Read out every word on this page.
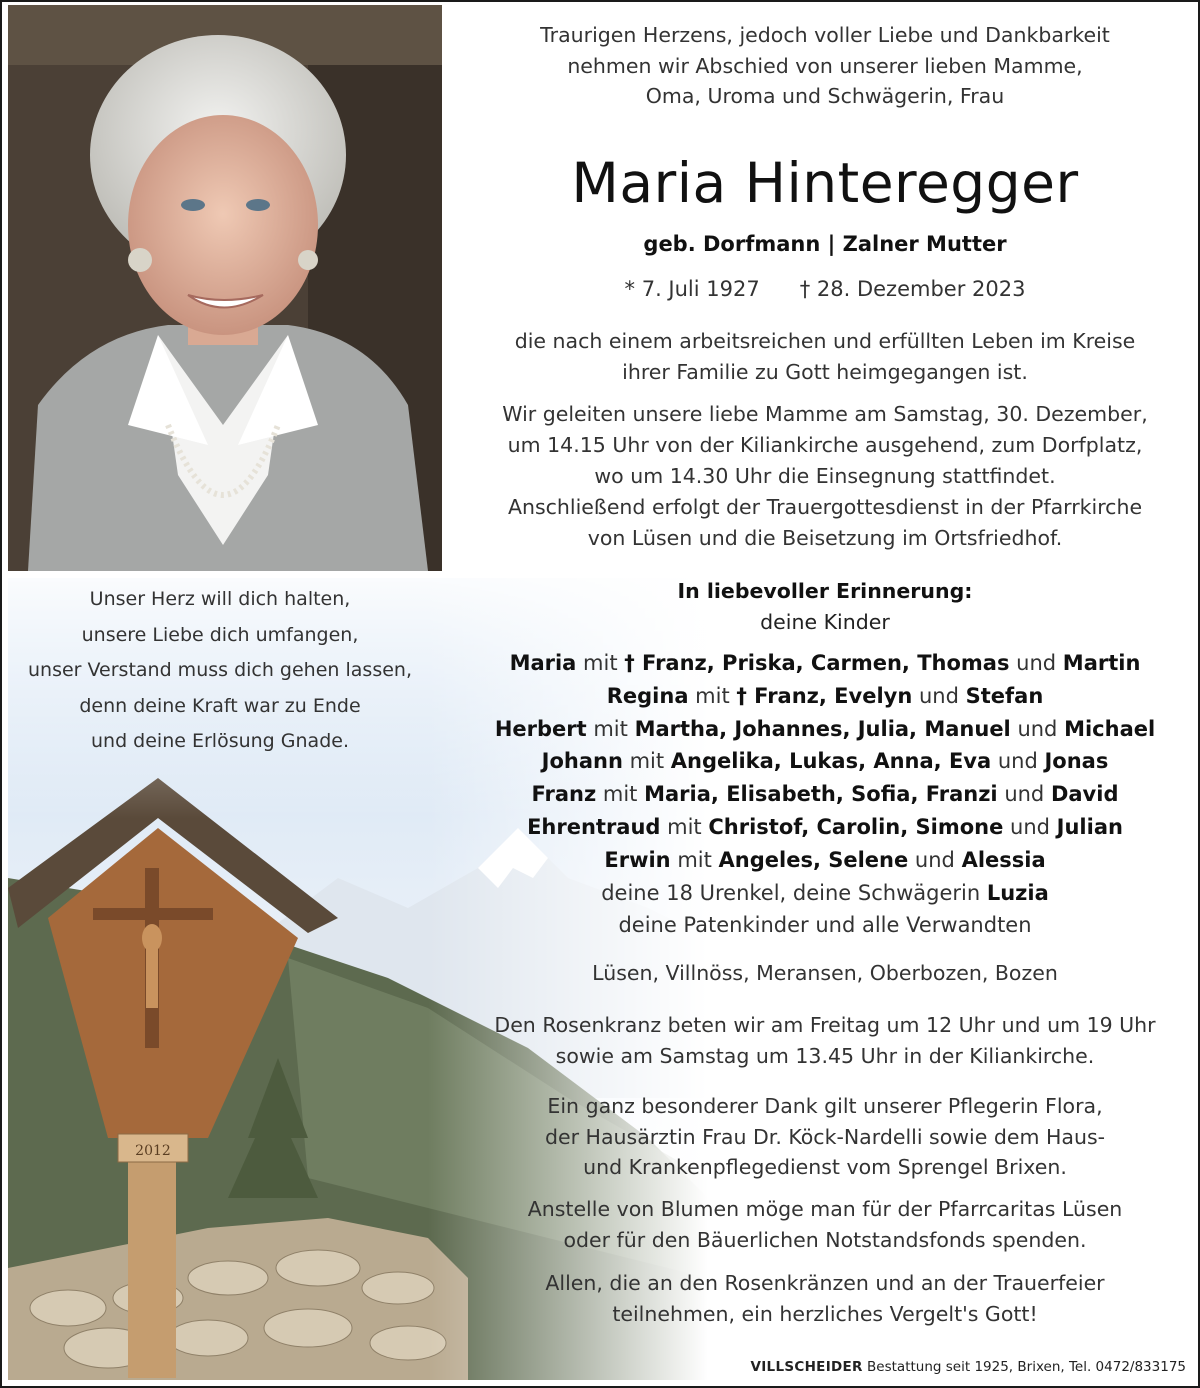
Unser Herz will dich halten,
unsere Liebe dich umfangen,
unser Verstand muss dich gehen lassen,
denn deine Kraft war zu Ende
und deine Erlösung Gnade.
Traurigen Herzens, jedoch voller Liebe und Dankbarkeit
nehmen wir Abschied von unserer lieben Mamme,
Oma, Uroma und Schwägerin, Frau
Maria Hinteregger
geb. Dorfmann | Zalner Mutter
* 7. Juli 1927 † 28. Dezember 2023
die nach einem arbeitsreichen und erfüllten Leben im Kreise
ihrer Familie zu Gott heimgegangen ist.
Wir geleiten unsere liebe Mamme am Samstag, 30. Dezember,
um 14.15 Uhr von der Kiliankirche ausgehend, zum Dorfplatz,
wo um 14.30 Uhr die Einsegnung stattfindet.
Anschließend erfolgt der Trauergottesdienst in der Pfarrkirche
von Lüsen und die Beisetzung im Ortsfriedhof.
In liebevoller Erinnerung:
deine Kinder
Maria mit † Franz, Priska, Carmen, Thomas und Martin
Regina mit † Franz, Evelyn und Stefan
Herbert mit Martha, Johannes, Julia, Manuel und Michael
Johann mit Angelika, Lukas, Anna, Eva und Jonas
Franz mit Maria, Elisabeth, Sofia, Franzi und David
Ehrentraud mit Christof, Carolin, Simone und Julian
Erwin mit Angeles, Selene und Alessia
deine 18 Urenkel, deine Schwägerin Luzia
deine Patenkinder und alle Verwandten
Lüsen, Villnöss, Meransen, Oberbozen, Bozen
Den Rosenkranz beten wir am Freitag um 12 Uhr und um 19 Uhr
sowie am Samstag um 13.45 Uhr in der Kiliankirche.
Ein ganz besonderer Dank gilt unserer Pflegerin Flora,
der Hausärztin Frau Dr. Köck-Nardelli sowie dem Haus-
und Krankenpflegedienst vom Sprengel Brixen.
Anstelle von Blumen möge man für der Pfarrcaritas Lüsen
oder für den Bäuerlichen Notstandsfonds spenden.
Allen, die an den Rosenkränzen und an der Trauerfeier
teilnehmen, ein herzliches Vergelt's Gott!
VILLSCHEIDER Bestattung seit 1925, Brixen, Tel. 0472/833175
